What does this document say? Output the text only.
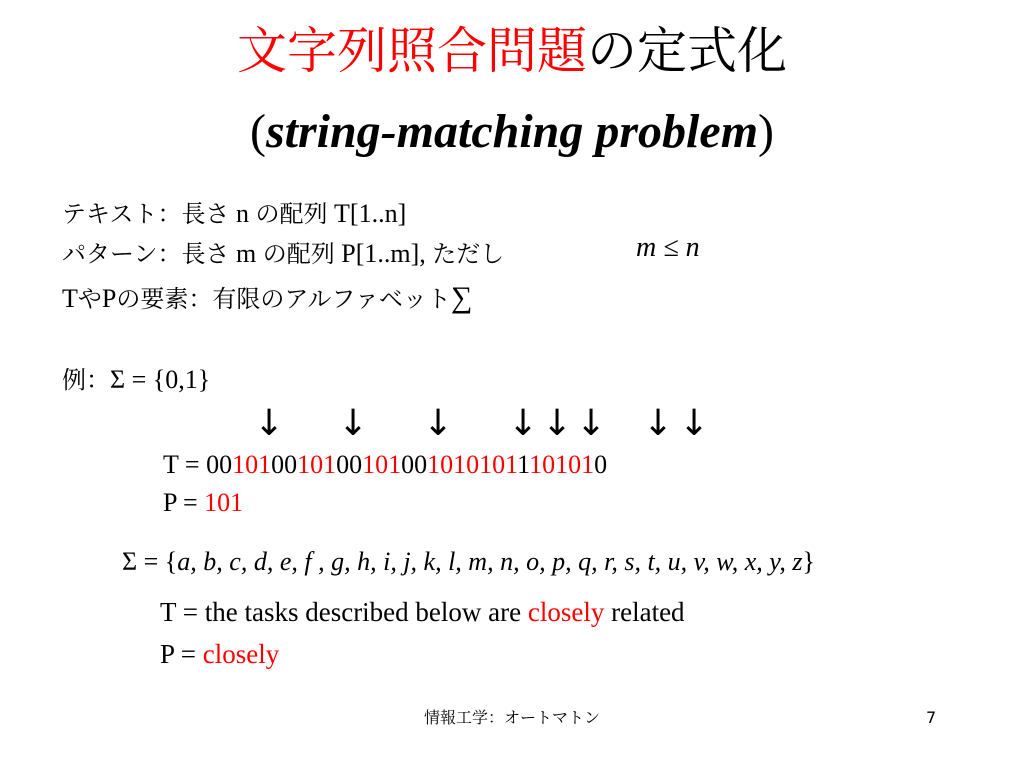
文字列照合問題の定式化
(string-matching problem)
テキスト：長さ n の配列 T[1..n]
パターン：長さ m の配列 P[1..m], ただし	m ≤ n
TやPの要素：有限のアルファベット∑
例：Σ = {0,1}
↓ ↓ ↓ ↓ ↓ ↓ ↓ ↓
T = 0010100101001010010101011101010
P = 101
Σ = {a, b, c, d, e, f , g, h, i, j, k, l, m, n, o, p, q, r, s, t, u, v, w, x, y, z}
T = the tasks described below are closely related
P = closely
情報工学：オートマトン	7
